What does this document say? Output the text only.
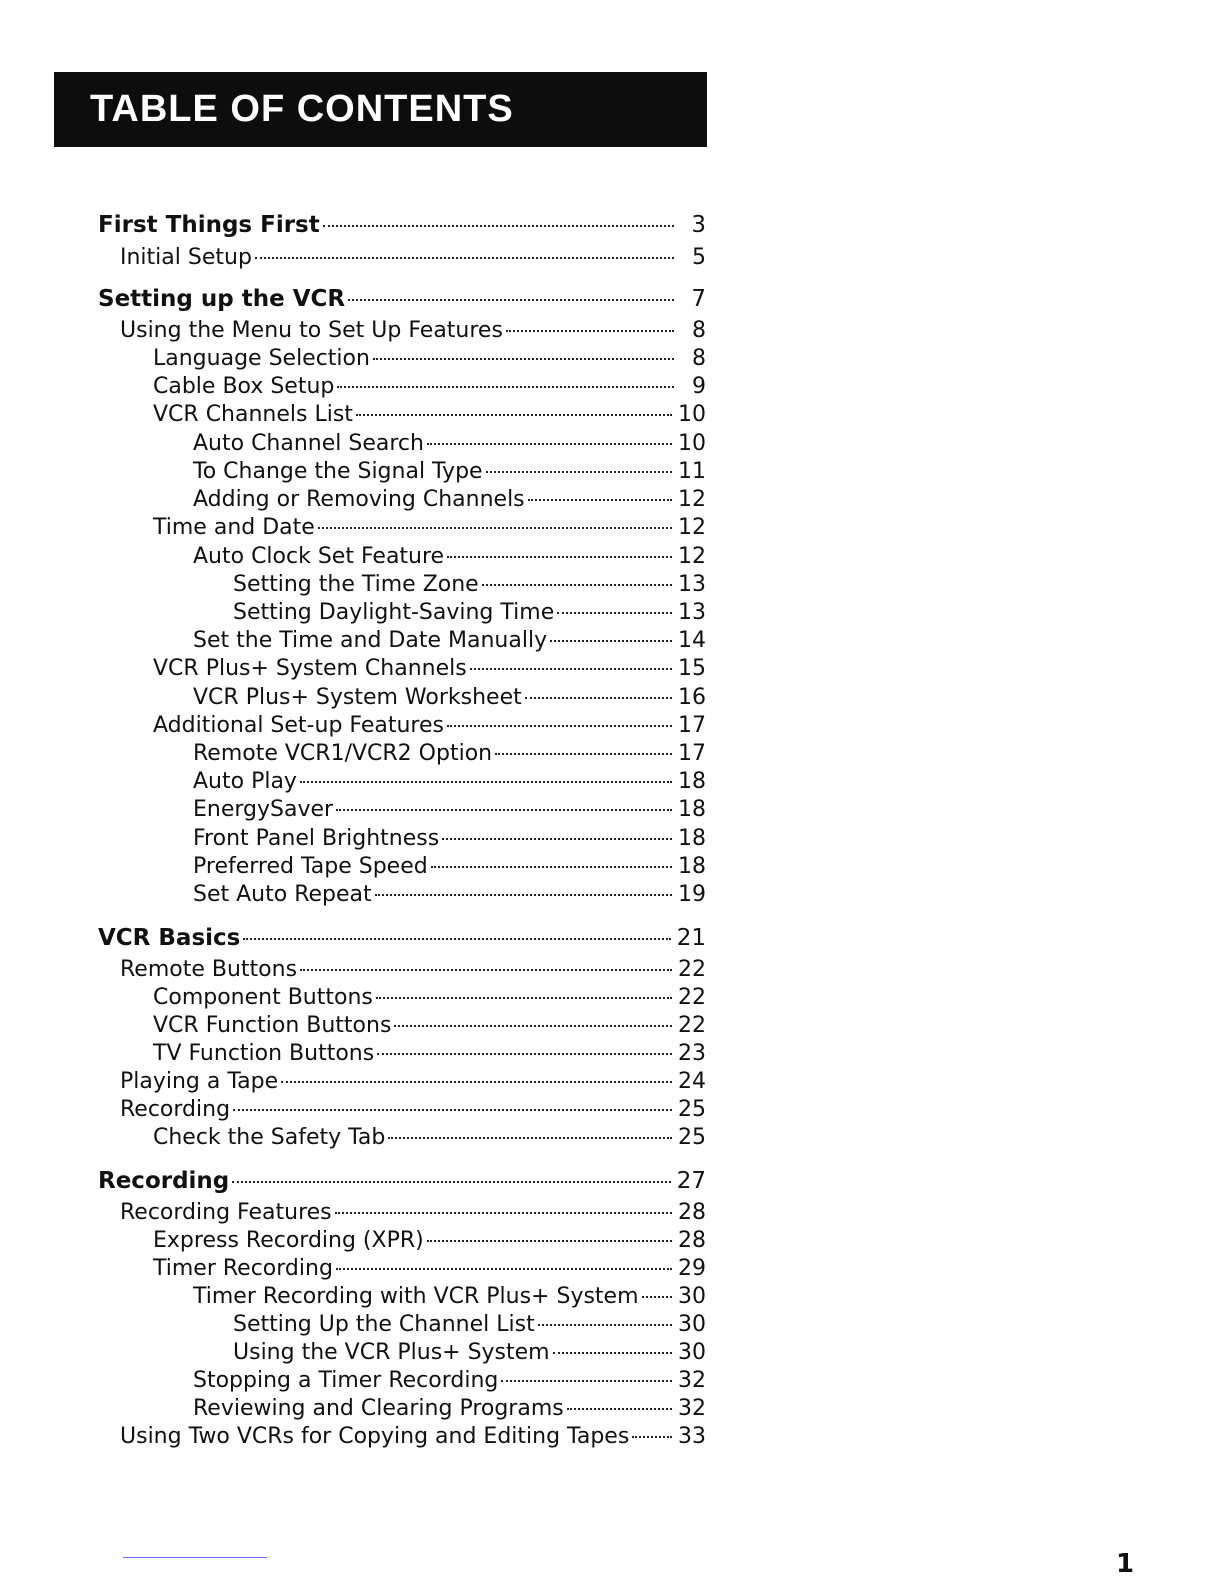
TABLE OF CONTENTS
First Things First	3
Initial Setup	5
Setting up the VCR	7
Using the Menu to Set Up Features	8
Language Selection	8
Cable Box Setup	9
VCR Channels List	10
Auto Channel Search	10
To Change the Signal Type	11
Adding or Removing Channels	12
Time and Date	12
Auto Clock Set Feature	12
Setting the Time Zone	13
Setting Daylight-Saving Time	13
Set the Time and Date Manually	14
VCR Plus+ System Channels	15
VCR Plus+ System Worksheet	16
Additional Set-up Features	17
Remote VCR1/VCR2 Option	17
Auto Play	18
EnergySaver	18
Front Panel Brightness	18
Preferred Tape Speed	18
Set Auto Repeat	19
VCR Basics	21
Remote Buttons	22
Component Buttons	22
VCR Function Buttons	22
TV Function Buttons	23
Playing a Tape	24
Recording	25
Check the Safety Tab	25
Recording	27
Recording Features	28
Express Recording (XPR)	28
Timer Recording	29
Timer Recording with VCR Plus+ System 30
Setting Up the Channel List	30
Using the VCR Plus+ System	30
Stopping a Timer Recording	32
Reviewing and Clearing Programs	32
Using Two VCRs for Copying and Editing Tapes 33
1
